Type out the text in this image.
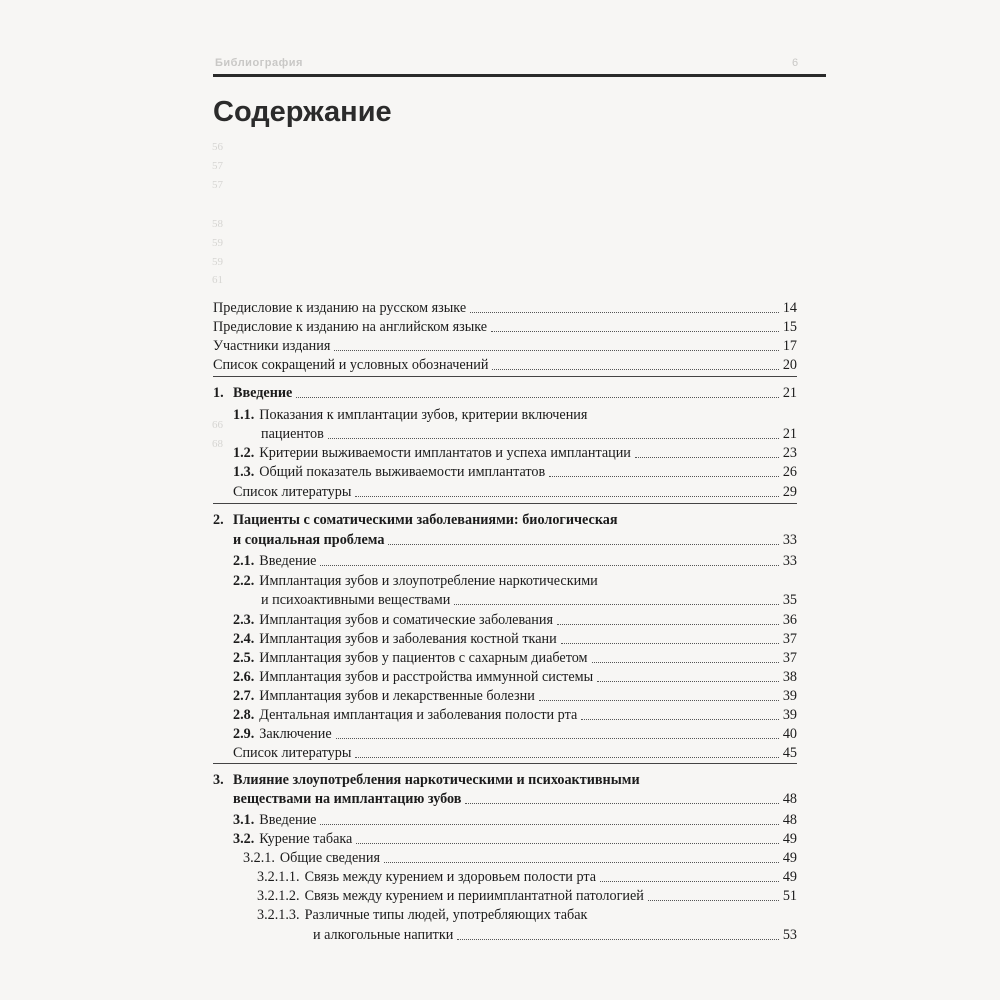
Библиография	6
Содержание
56
57
57
58
59
59
61
66
68
Предисловие к изданию на русском языке	14
Предисловие к изданию на английском языке	15
Участники издания	17
Список сокращений и условных обозначений	20
1. Введение	21
1.1. Показания к имплантации зубов, критерии включения
пациентов	21
1.2. Критерии выживаемости имплантатов и успеха имплантации	23
1.3. Общий показатель выживаемости имплантатов	26
Список литературы	29
2. Пациенты с соматическими заболеваниями: биологическая
и социальная проблема	33
2.1. Введение	33
2.2. Имплантация зубов и злоупотребление наркотическими
и психоактивными веществами	35
2.3. Имплантация зубов и соматические заболевания	36
2.4. Имплантация зубов и заболевания костной ткани	37
2.5. Имплантация зубов у пациентов с сахарным диабетом	37
2.6. Имплантация зубов и расстройства иммунной системы	38
2.7. Имплантация зубов и лекарственные болезни	39
2.8. Дентальная имплантация и заболевания полости рта	39
2.9. Заключение	40
Список литературы	45
3. Влияние злоупотребления наркотическими и психоактивными
веществами на имплантацию зубов	48
3.1. Введение	48
3.2. Курение табака	49
3.2.1. Общие сведения	49
3.2.1.1. Связь между курением и здоровьем полости рта	49
3.2.1.2. Связь между курением и периимплантатной патологией	51
3.2.1.3. Различные типы людей, употребляющих табак
и алкогольные напитки	53
